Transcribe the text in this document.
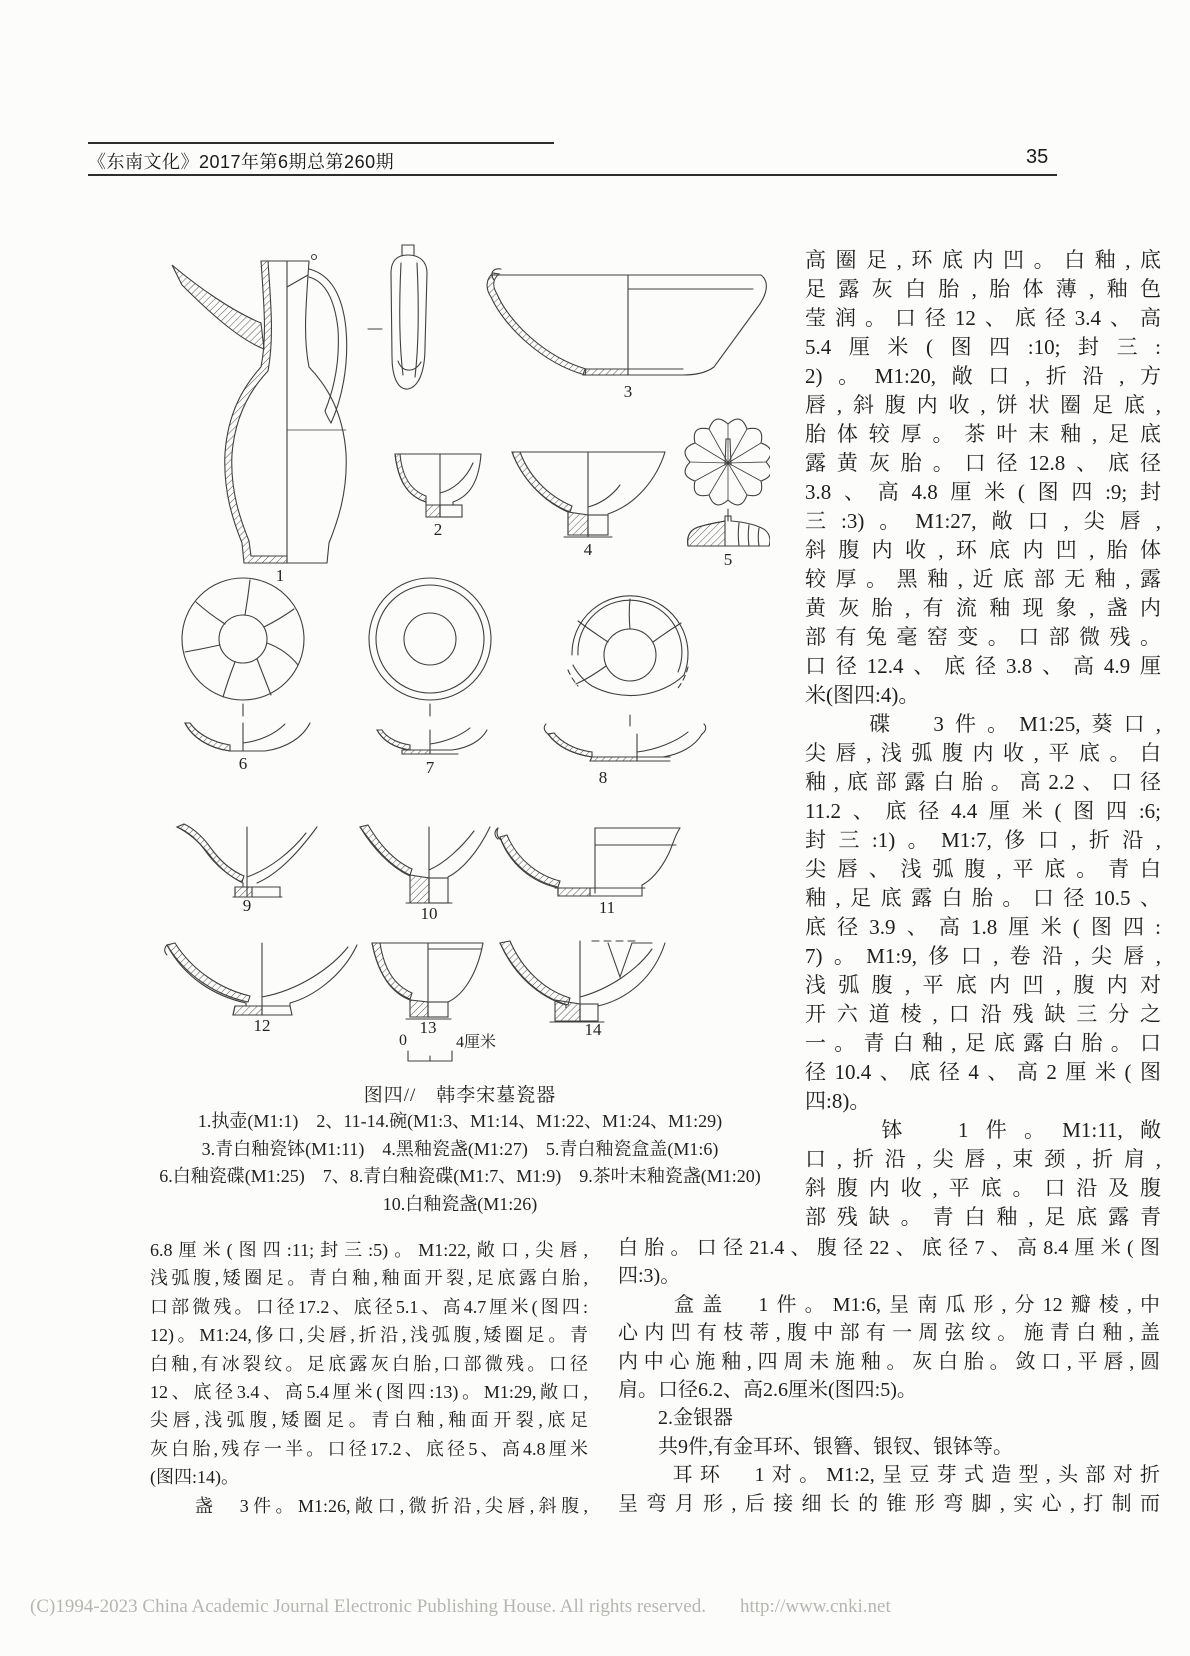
《东南文化》2017年第6期总第260期	35
1
2
3
4
5
6	7
8
9	10	11
12	13	14
0	4厘米
图四//　韩李宋墓瓷器
1.执壶(M1:1)　2、11-14.碗(M1:3、M1:14、M1:22、M1:24、M1:29)
3.青白釉瓷钵(M1:11)　4.黑釉瓷盏(M1:27)　5.青白釉瓷盒盖(M1:6)
6.白釉瓷碟(M1:25)　7、8.青白釉瓷碟(M1:7、M1:9)　9.茶叶末釉瓷盏(M1:20)
10.白釉瓷盏(M1:26)
高圈足,环底内凹。白釉,底
足露灰白胎,胎体薄,釉色
莹润。口径12、底径3.4、高
5.4厘米(图四:10;封三:
2)。M1:20,敞口,折沿,方
唇,斜腹内收,饼状圈足底,
胎体较厚。茶叶末釉,足底
露黄灰胎。口径12.8、底径
3.8、高4.8厘米(图四:9;封
三:3)。M1:27,敞口,尖唇,
斜腹内收,环底内凹,胎体
较厚。黑釉,近底部无釉,露
黄灰胎,有流釉现象,盏内
部有兔毫窑变。口部微残。
口径12.4、底径3.8、高4.9厘
米(图四:4)。
　　碟　3件。M1:25,葵口,
尖唇,浅弧腹内收,平底。白
釉,底部露白胎。高2.2、口径
11.2、底径4.4厘米(图四:6;
封三:1)。M1:7,侈口,折沿,
尖唇、浅弧腹,平底。青白
釉,足底露白胎。口径10.5、
底径3.9、高1.8厘米(图四:
7)。M1:9,侈口,卷沿,尖唇,
浅弧腹,平底内凹,腹内对
开六道棱,口沿残缺三分之
一。青白釉,足底露白胎。口
径10.4、底径4、高2厘米(图
四:8)。
　　钵　1件。M1:11,敞
口,折沿,尖唇,束颈,折肩,
斜腹内收,平底。口沿及腹
部残缺。青白釉,足底露青
6.8厘米(图四:11;封三:5)。M1:22,敞口,尖唇,
浅弧腹,矮圈足。青白釉,釉面开裂,足底露白胎,
口部微残。口径17.2、底径5.1、高4.7厘米(图四:
12)。M1:24,侈口,尖唇,折沿,浅弧腹,矮圈足。青
白釉,有冰裂纹。足底露灰白胎,口部微残。口径
12、底径3.4、高5.4厘米(图四:13)。M1:29,敞口,
尖唇,浅弧腹,矮圈足。青白釉,釉面开裂,底足
灰白胎,残存一半。口径17.2、底径5、高4.8厘米
(图四:14)。
　　盏　3件。M1:26,敞口,微折沿,尖唇,斜腹,
白胎。口径21.4、腹径22、底径7、高8.4厘米(图
四:3)。
　　盒盖　1件。M1:6,呈南瓜形,分12瓣棱,中
心内凹有枝蒂,腹中部有一周弦纹。施青白釉,盖
内中心施釉,四周未施釉。灰白胎。敛口,平唇,圆
肩。口径6.2、高2.6厘米(图四:5)。
　　2.金银器
　　共9件,有金耳环、银簪、银钗、银钵等。
　　耳环　1对。M1:2,呈豆芽式造型,头部对折
呈弯月形,后接细长的锥形弯脚,实心,打制而
(C)1994-2023 China Academic Journal Electronic Publishing House. All rights reserved. http://www.cnki.net
